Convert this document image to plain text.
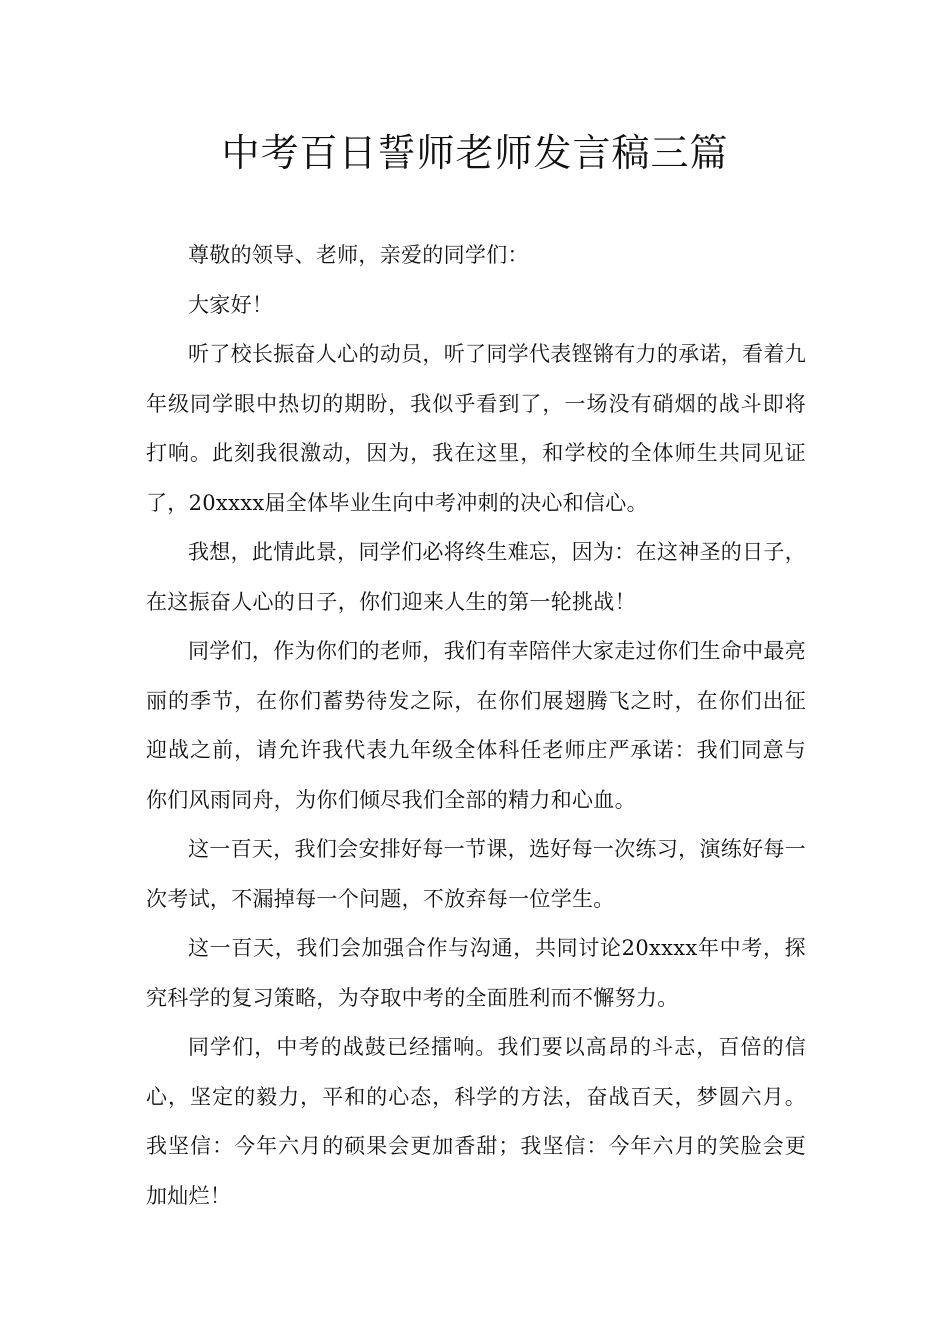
中考百日誓师老师发言稿三篇

尊敬的领导、老师，亲爱的同学们：

大家好！

听了校长振奋人心的动员，听了同学代表铿锵有力的承诺，看着九年级同学眼中热切的期盼，我似乎看到了，一场没有硝烟的战斗即将打响。此刻我很激动，因为，我在这里，和学校的全体师生共同见证了，20xxxx届全体毕业生向中考冲刺的决心和信心。

我想，此情此景，同学们必将终生难忘，因为：在这神圣的日子，在这振奋人心的日子，你们迎来人生的第一轮挑战！

同学们，作为你们的老师，我们有幸陪伴大家走过你们生命中最亮丽的季节，在你们蓄势待发之际，在你们展翅腾飞之时，在你们出征迎战之前，请允许我代表九年级全体科任老师庄严承诺：我们同意与你们风雨同舟，为你们倾尽我们全部的精力和心血。

这一百天，我们会安排好每一节课，选好每一次练习，演练好每一次考试，不漏掉每一个问题，不放弃每一位学生。

这一百天，我们会加强合作与沟通，共同讨论20xxxx年中考，探究科学的复习策略，为夺取中考的全面胜利而不懈努力。

同学们，中考的战鼓已经擂响。我们要以高昂的斗志，百倍的信心，坚定的毅力，平和的心态，科学的方法，奋战百天，梦圆六月。我坚信：今年六月的硕果会更加香甜；我坚信：今年六月的笑脸会更加灿烂！
